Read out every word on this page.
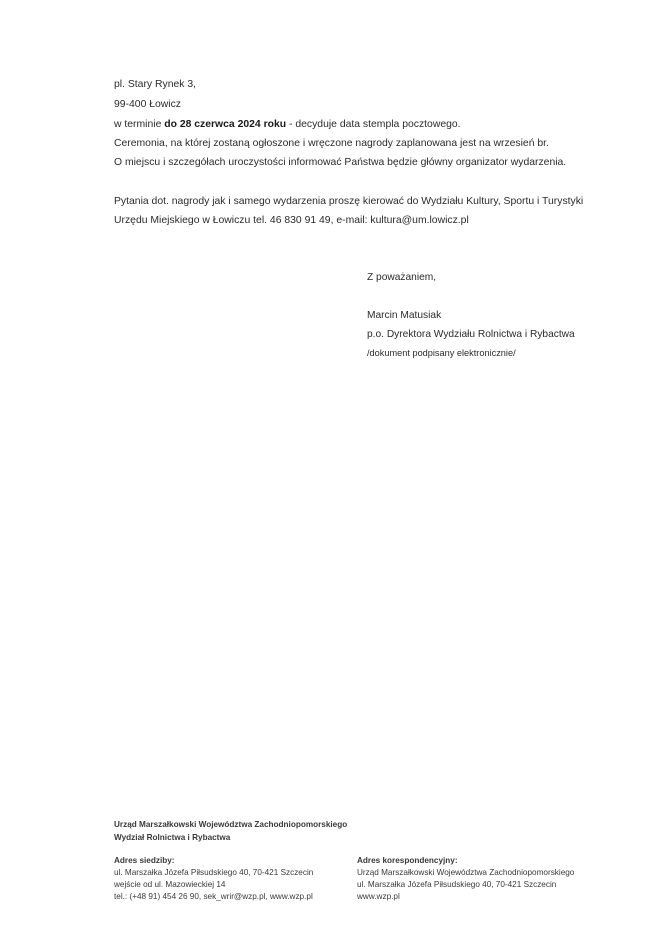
pl. Stary Rynek 3,
99-400 Łowicz
w terminie do 28 czerwca 2024 roku - decyduje data stempla pocztowego.
Ceremonia, na której zostaną ogłoszone i wręczone nagrody zaplanowana jest na wrzesień br.
O miejscu i szczegółach uroczystości informować Państwa będzie główny organizator wydarzenia.
Pytania dot. nagrody jak i samego wydarzenia proszę kierować do Wydziału Kultury, Sportu i Turystyki
Urzędu Miejskiego w Łowiczu tel. 46 830 91 49, e-mail: kultura@um.lowicz.pl
Z poważaniem,
Marcin Matusiak
p.o. Dyrektora Wydziału Rolnictwa i Rybactwa
/dokument podpisany elektronicznie/
Urząd Marszałkowski Województwa Zachodniopomorskiego
Wydział Rolnictwa i Rybactwa
Adres siedziby:
ul. Marszałka Józefa Piłsudskiego 40, 70-421 Szczecin
wejście od ul. Mazowieckiej 14
tel.: (+48 91) 454 26 90, sek_wrir@wzp.pl, www.wzp.pl
Adres korespondencyjny:
Urząd Marszałkowski Województwa Zachodniopomorskiego
ul. Marszałka Józefa Piłsudskiego 40, 70-421 Szczecin
www.wzp.pl
